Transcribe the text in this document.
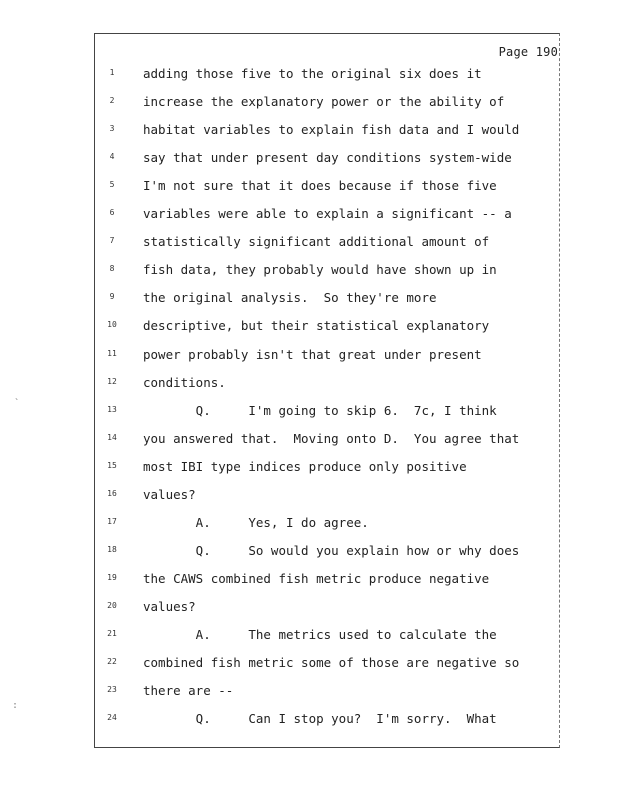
Page 190
1	adding those five to the original six does it
2	increase the explanatory power or the ability of
3	habitat variables to explain fish data and I would
4	say that under present day conditions system-wide
5	I'm not sure that it does because if those five
6	variables were able to explain a significant -- a
7	statistically significant additional amount of
8	fish data, they probably would have shown up in
9	the original analysis.  So they're more
10	descriptive, but their statistical explanatory
11	power probably isn't that great under present
12	conditions.
13	Q.     I'm going to skip 6.  7c, I think
14	you answered that.  Moving onto D.  You agree that
15	most IBI type indices produce only positive
16	values?
17	A.     Yes, I do agree.
18	Q.     So would you explain how or why does
19	the CAWS combined fish metric produce negative
20	values?
21	A.     The metrics used to calculate the
22	combined fish metric some of those are negative so
23	there are --
24	Q.     Can I stop you?  I'm sorry.  What
`
:
